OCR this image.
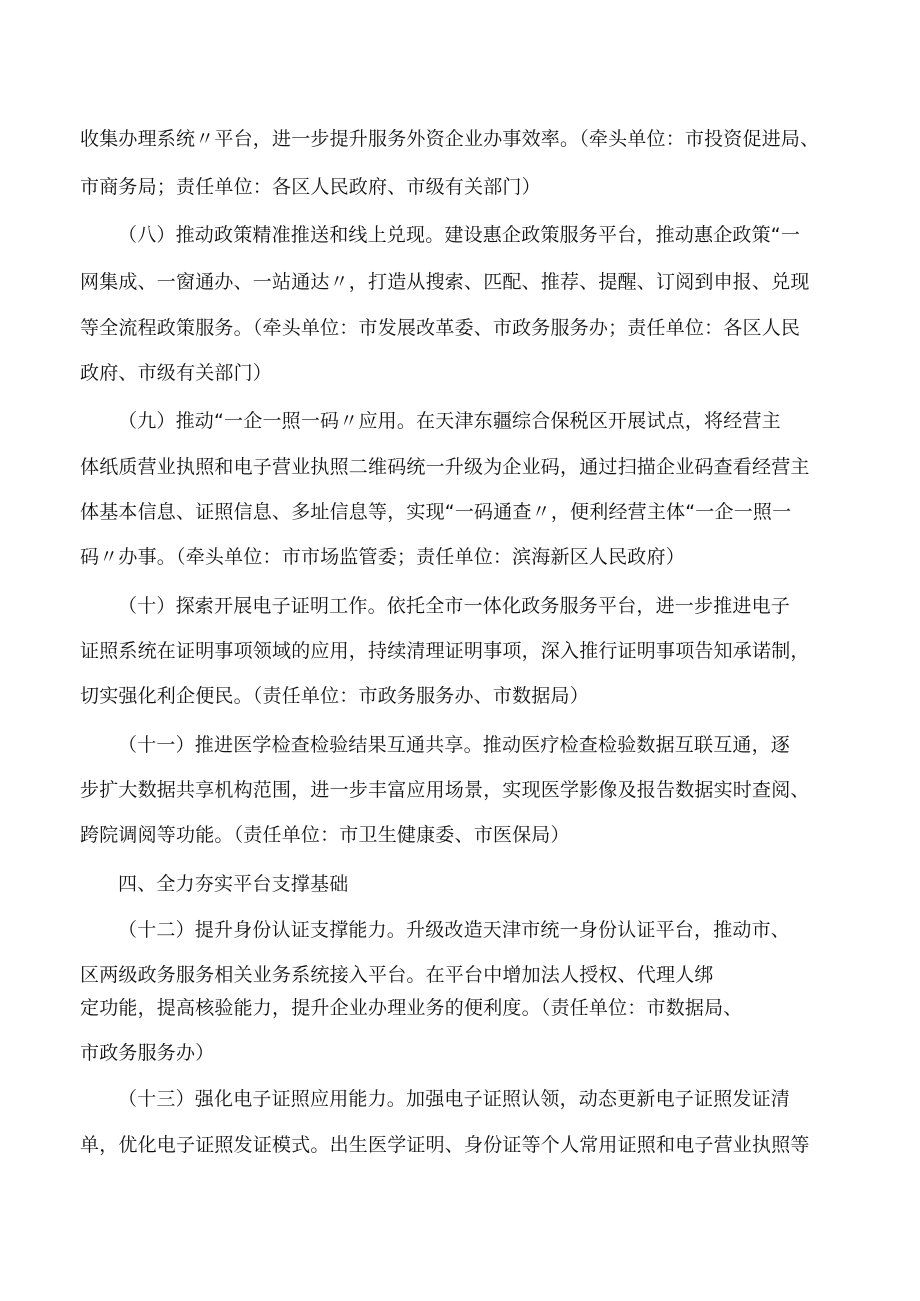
收集办理系统〃平台，进一步提升服务外资企业办事效率。（牵头单位：市投资促进局、
市商务局；责任单位：各区人民政府、市级有关部门）
（八）推动政策精准推送和线上兑现。建设惠企政策服务平台，推动惠企政策“一
网集成、一窗通办、一站通达〃，打造从搜索、匹配、推荐、提醒、订阅到申报、兑现
等全流程政策服务。（牵头单位：市发展改革委、市政务服务办；责任单位：各区人民
政府、市级有关部门）
（九）推动“一企一照一码〃应用。在天津东疆综合保税区开展试点，将经营主
体纸质营业执照和电子营业执照二维码统一升级为企业码，通过扫描企业码查看经营主
体基本信息、证照信息、多址信息等，实现“一码通查〃，便利经营主体“一企一照一
码〃办事。（牵头单位：市市场监管委；责任单位：滨海新区人民政府）
（十）探索开展电子证明工作。依托全市一体化政务服务平台，进一步推进电子
证照系统在证明事项领域的应用，持续清理证明事项，深入推行证明事项告知承诺制，
切实强化利企便民。（责任单位：市政务服务办、市数据局）
（十一）推进医学检查检验结果互通共享。推动医疗检查检验数据互联互通，逐
步扩大数据共享机构范围，进一步丰富应用场景，实现医学影像及报告数据实时查阅、
跨院调阅等功能。（责任单位：市卫生健康委、市医保局）
四、全力夯实平台支撑基础
（十二）提升身份认证支撑能力。升级改造天津市统一身份认证平台，推动市、
区两级政务服务相关业务系统接入平台。在平台中增加法人授权、代理人绑
定功能，提高核验能力，提升企业办理业务的便利度。（责任单位：市数据局、
市政务服务办）
（十三）强化电子证照应用能力。加强电子证照认领，动态更新电子证照发证清
单，优化电子证照发证模式。出生医学证明、身份证等个人常用证照和电子营业执照等
